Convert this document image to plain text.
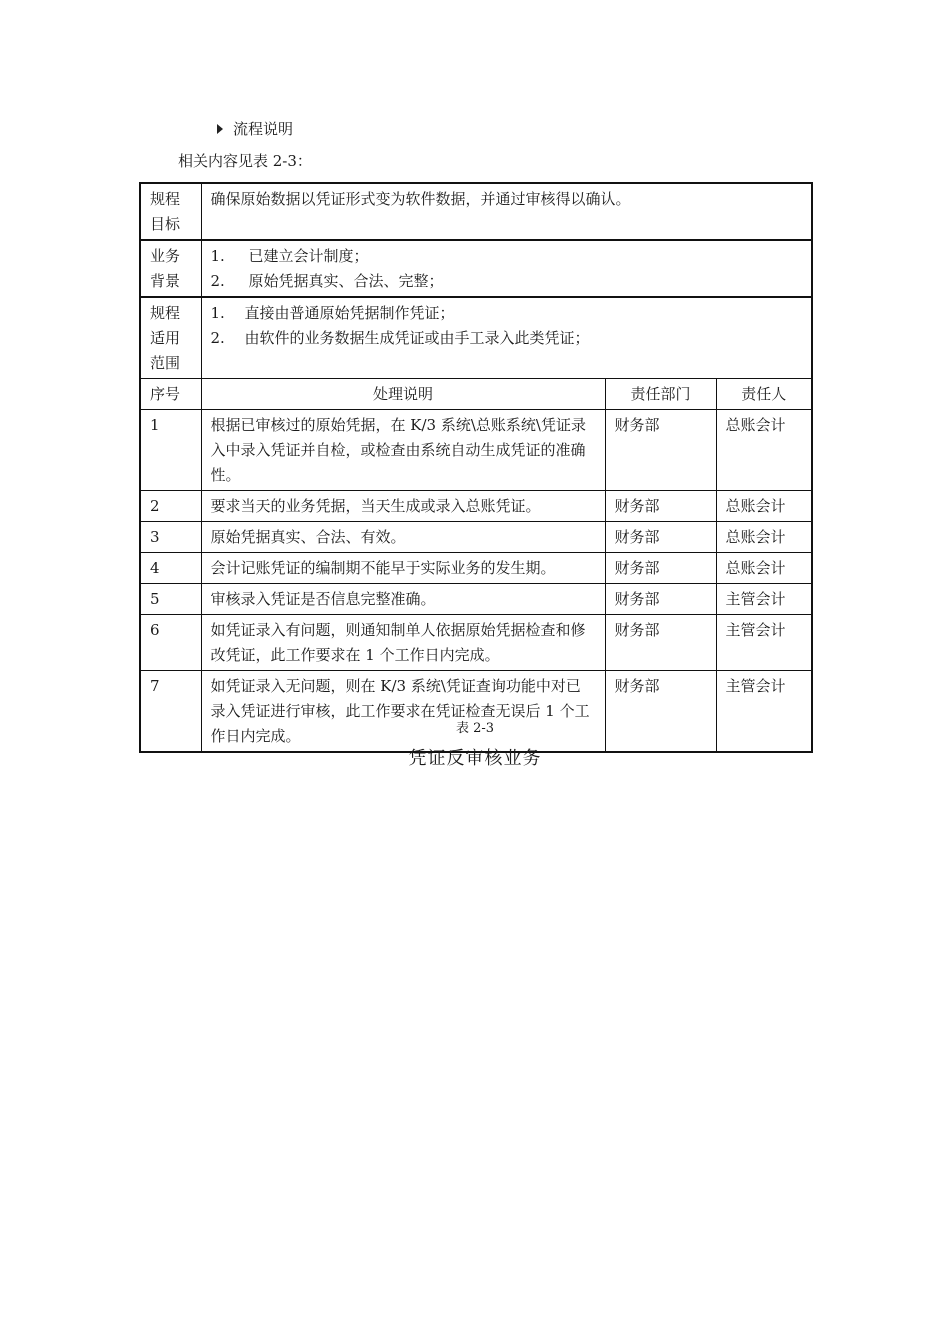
流程说明
相关内容见表 2-3：
规程目标	确保原始数据以凭证形式变为软件数据，并通过审核得以确认。		

业务背景	1. 已建立会计制度；
2. 原始凭据真实、合法、完整；		

规程适用范围	1. 直接由普通原始凭据制作凭证；
2. 由软件的业务数据生成凭证或由手工录入此类凭证；		

序号	处理说明	责任部门	责任人
1	根据已审核过的原始凭据，在 K/3 系统\总账系统\凭证录入中录入凭证并自检，或检查由系统自动生成凭证的准确性。	财务部	总账会计
2	要求当天的业务凭据，当天生成或录入总账凭证。	财务部	总账会计
3	原始凭据真实、合法、有效。	财务部	总账会计
4	会计记账凭证的编制期不能早于实际业务的发生期。	财务部	总账会计
5	审核录入凭证是否信息完整准确。	财务部	主管会计
6	如凭证录入有问题，则通知制单人依据原始凭据检查和修改凭证，此工作要求在 1 个工作日内完成。	财务部	主管会计
7	如凭证录入无问题，则在 K/3 系统\凭证查询功能中对已录入凭证进行审核，此工作要求在凭证检查无误后 1 个工作日内完成。	财务部	主管会计
表 2-3
凭证反审核业务
